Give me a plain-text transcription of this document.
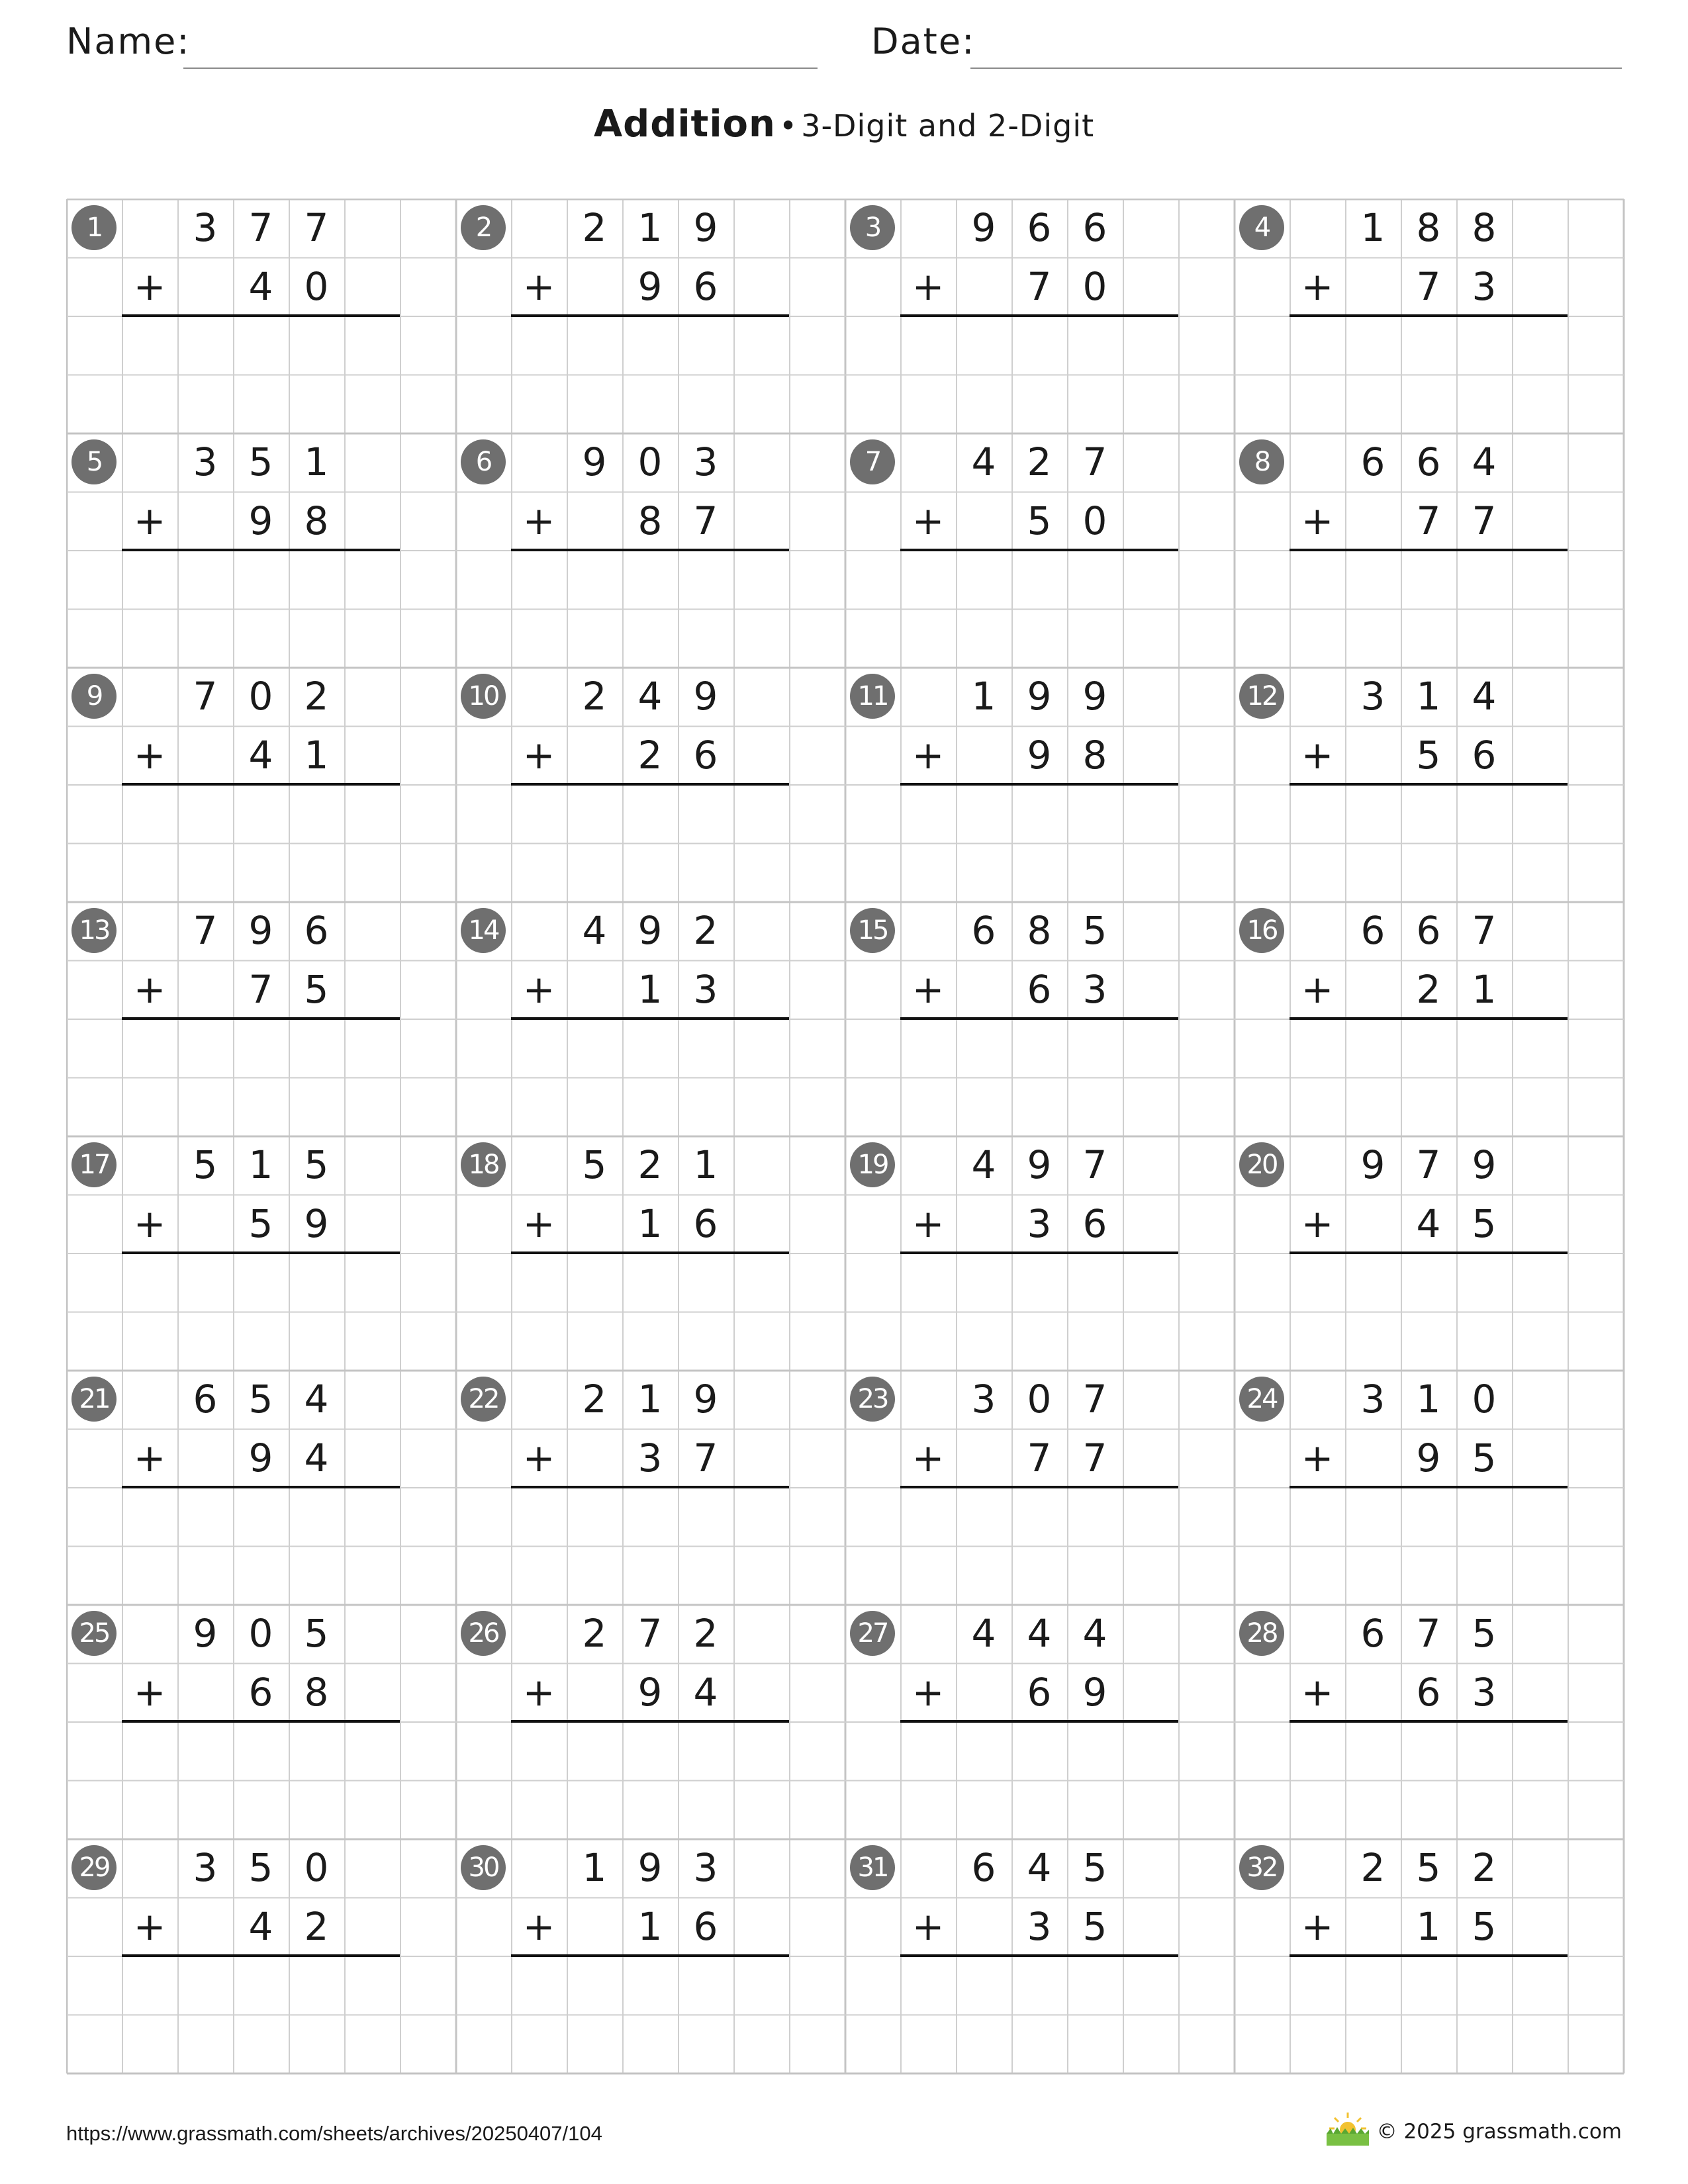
Name:	Date:
Addition • 3-Digit and 2-Digit
1	3 7 7
+	4 0
2	2 1 9
+	9 6
3	9 6 6
+	7 0
4	1 8 8
+	7 3
5	3 5 1
+	9 8
6	9 0 3
+	8 7
7	4 2 7
+	5 0
8	6 6 4
+	7 7
9	7 0 2
+	4 1
10	2 4 9
+	2 6
11	1 9 9
+	9 8
12	3 1 4
+	5 6
13	7 9 6
+	7 5
14	4 9 2
+	1 3
15	6 8 5
+	6 3
16	6 6 7
+	2 1
17	5 1 5
+	5 9
18	5 2 1
+	1 6
19	4 9 7
+	3 6
20	9 7 9
+	4 5
21	6 5 4
+	9 4
22	2 1 9
+	3 7
23	3 0 7
+	7 7
24	3 1 0
+	9 5
25	9 0 5
+	6 8
26	2 7 2
+	9 4
27	4 4 4
+	6 9
28	6 7 5
+	6 3
29	3 5 0
+	4 2
30	1 9 3
+	1 6
31	6 4 5
+	3 5
32	2 5 2
+	1 5
https://www.grassmath.com/sheets/archives/20250407/104	© 2025 grassmath.com
